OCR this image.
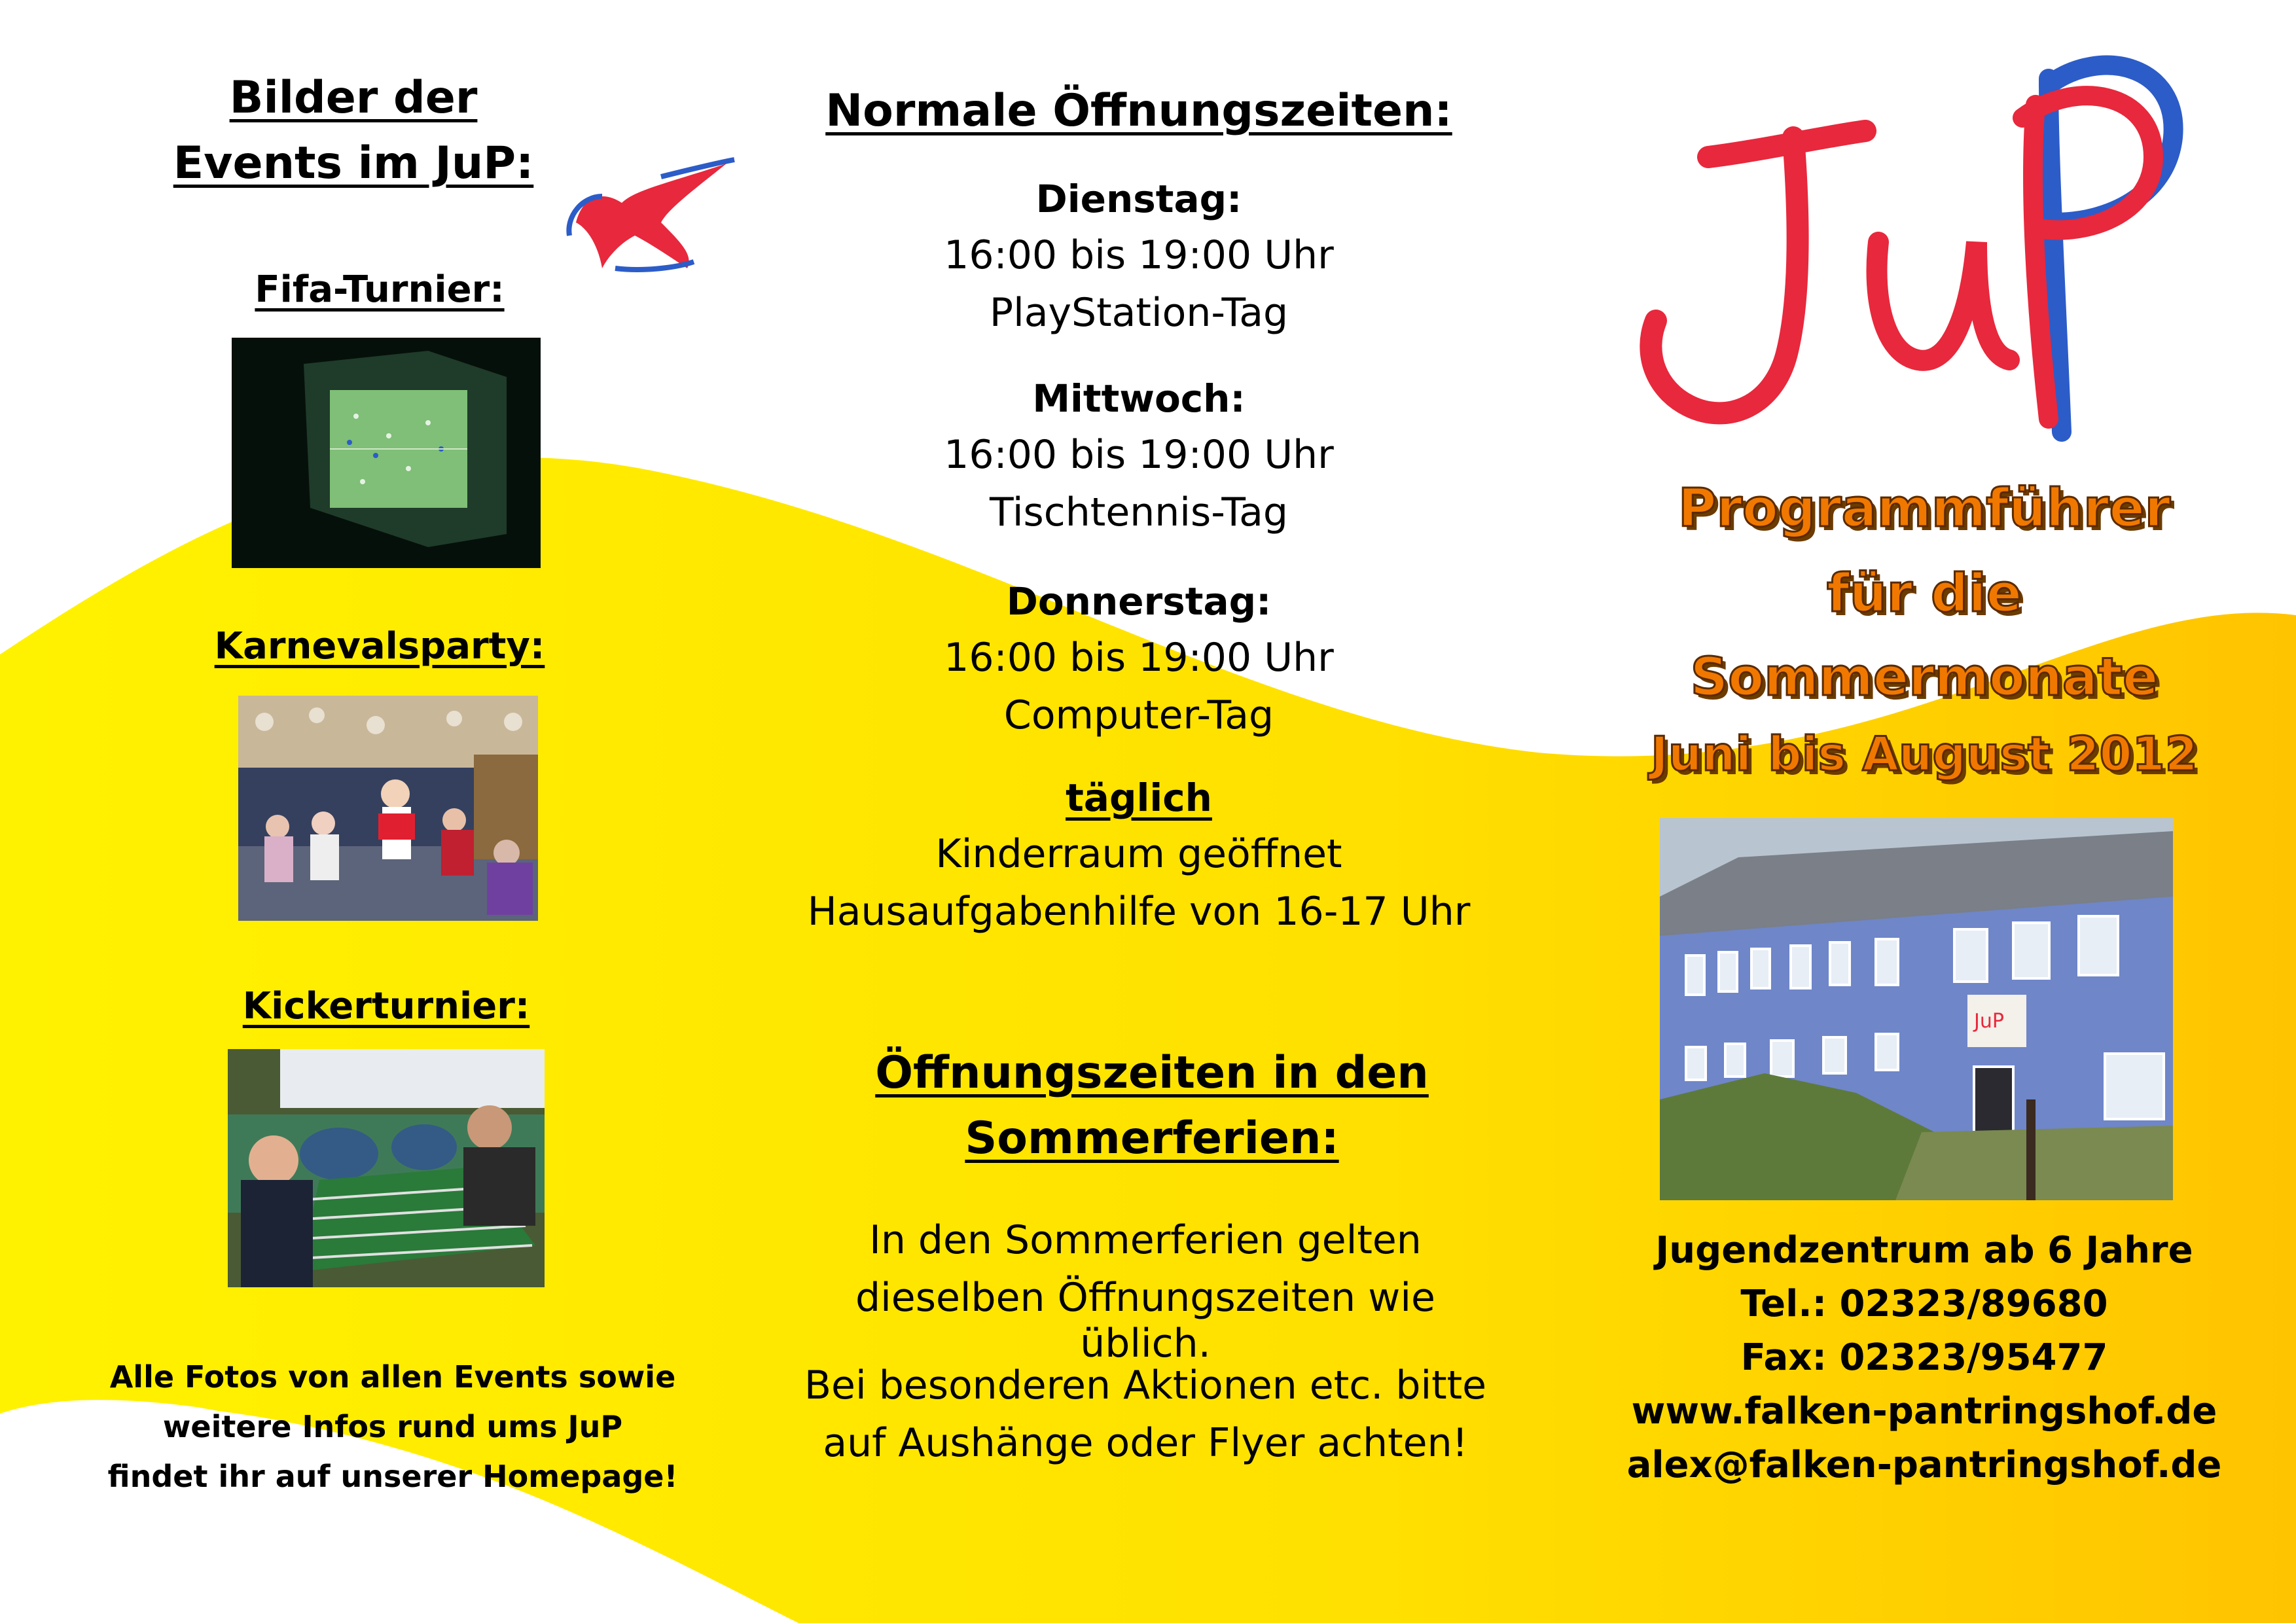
Bilder der
Events im JuP:
Fifa-Turnier:
Karnevalsparty:
Kickerturnier:
Alle Fotos von allen Events sowie
weitere Infos rund ums JuP
findet ihr auf unserer Homepage!
Normale Öffnungszeiten:
Dienstag:
16:00 bis 19:00 Uhr
PlayStation-Tag
Mittwoch:
16:00 bis 19:00 Uhr
Tischtennis-Tag
Donnerstag:
16:00 bis 19:00 Uhr
Computer-Tag
täglich
Kinderraum geöffnet
Hausaufgabenhilfe von 16-17 Uhr
Öffnungszeiten in den
Sommerferien:
In den Sommerferien gelten
dieselben Öffnungszeiten wie üblich.
Bei besonderen Aktionen etc. bitte
auf Aushänge oder Flyer achten!
Programmführer
für die
Sommermonate
Juni bis August 2012
JuP
Jugendzentrum ab 6 Jahre
Tel.: 02323/89680
Fax: 02323/95477
www.falken-pantringshof.de
alex@falken-pantringshof.de
